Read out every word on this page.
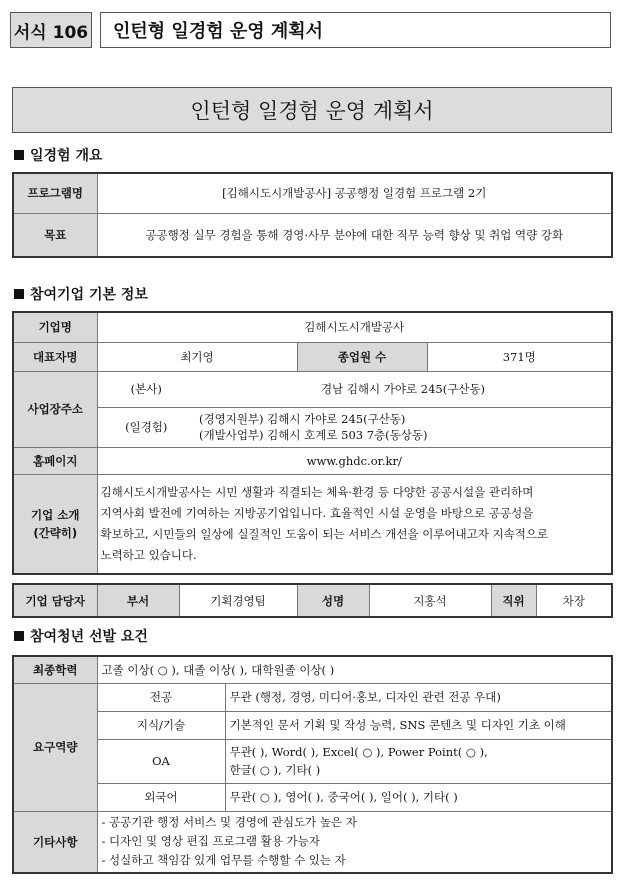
서식 106	인턴형 일경험 운영 계획서
인턴형 일경험 운영 계획서
일경험 개요
프로그램명	[김해시도시개발공사] 공공행정 일경험 프로그램 2기
목표	공공행정 실무 경험을 통해 경영·사무 분야에 대한 직무 능력 향상 및 취업 역량 강화
참여기업 기본 정보
기업명	김해시도시개발공사			
대표자명	최기영		종업원 수	371명
사업장주소	(본사)	경남 김해시 가야로 245(구산동)		
	(일경험)	(경영지원부) 김해시 가야로 245(구산동)
(개발사업부) 김해시 호계로 503 7층(동상동)		

홈페이지	www.ghdc.or.kr/			

기업 소개
(간략히)	김해시도시개발공사는 시민 생활과 직결되는 체육·환경 등 다양한 공공시설을 관리하며
지역사회 발전에 기여하는 지방공기업입니다. 효율적인 시설 운영을 바탕으로 공공성을
확보하고, 시민들의 일상에 실질적인 도움이 되는 서비스 개선을 이루어내고자 지속적으로
노력하고 있습니다.			
기업 담당자	부서	기획경영팀	성명	지홍석	직위	차장
참여청년 선발 요건
최종학력	고졸 이상( ○ ), 대졸 이상( ), 대학원졸 이상( )	
요구역량	전공	무관 (행정, 경영, 미디어·홍보, 디자인 관련 전공 우대)
	지식/기술	기본적인 문서 기획 및 작성 능력, SNS 콘텐츠 및 디자인 기초 이해
	OA	무관( ), Word( ), Excel( ○ ), Power Point( ○ ),
한글( ○ ), 기타( )

	외국어	무관( ○ ), 영어( ), 중국어( ), 일어( ), 기타( )
기타사항	- 공공기관 행정 서비스 및 경영에 관심도가 높은 자
- 디자인 및 영상 편집 프로그램 활용 가능자
- 성실하고 책임감 있게 업무를 수행할 수 있는 자	
